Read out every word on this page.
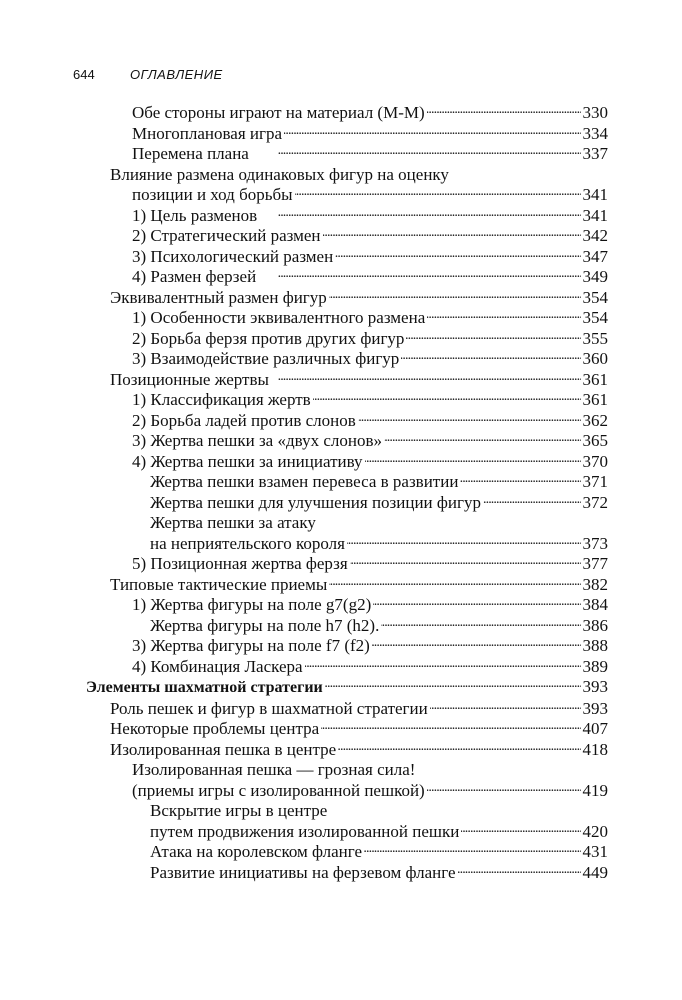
644	ОГЛАВЛЕНИЕ
Обе стороны играют на материал (М-М) . . .	330
Многоплановая игра . . .	334
Перемена плана . . .	337
Влияние размена одинаковых фигур на оценку
позиции и ход борьбы . . .	341
1) Цель разменов . . .	341
2) Стратегический размен . . .	342
3) Психологический размен . . .	347
4) Размен ферзей . . .	349
Эквивалентный размен фигур . . .	354
1) Особенности эквивалентного размена . . .	354
2) Борьба ферзя против других фигур . . .	355
3) Взаимодействие различных фигур . . .	360
Позиционные жертвы . . .	361
1) Классификация жертв . . .	361
2) Борьба ладей против слонов . . .	362
3) Жертва пешки за «двух слонов» . . .	365
4) Жертва пешки за инициативу . . .	370
Жертва пешки взамен перевеса в развитии . . .	371
Жертва пешки для улучшения позиции фигур . . .	372
Жертва пешки за атаку
на неприятельского короля . . .	373
5) Позиционная жертва ферзя . . .	377
Типовые тактические приемы . . .	382
1) Жертва фигуры на поле g7(g2) . . .	384
Жертва фигуры на поле h7 (h2). . . .	386
3) Жертва фигуры на поле f7 (f2) . . .	388
4) Комбинация Ласкера . . .	389
Элементы шахматной стратегии . . .	393
Роль пешек и фигур в шахматной стратегии . . .	393
Некоторые проблемы центра . . .	407
Изолированная пешка в центре . . .	418
Изолированная пешка — грозная сила!
(приемы игры с изолированной пешкой) . . .	419
Вскрытие игры в центре
путем продвижения изолированной пешки . . .	420
Атака на королевском фланге . . .	431
Развитие инициативы на ферзевом фланге . . .	449
